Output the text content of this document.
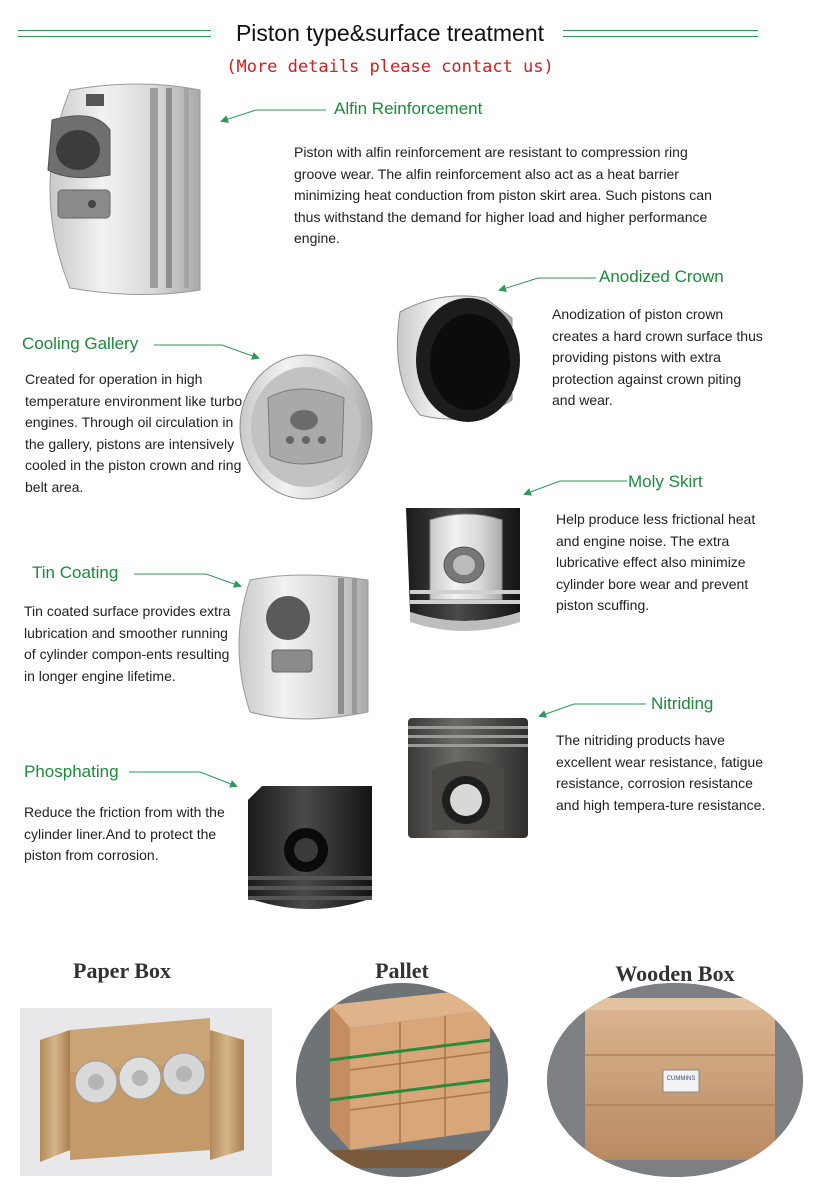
Piston type&surface treatment
(More details please contact us)
Alfin Reinforcement
Piston with alfin reinforcement are resistant to compression ring groove wear. The alfin reinforcement also act as a heat barrier minimizing heat conduction from piston skirt area. Such pistons can thus withstand the demand for higher load and higher performance engine.
Anodized Crown
Anodization of piston crown creates a hard crown surface thus providing pistons with extra protection against crown piting and wear.
Cooling Gallery
Created for operation in high temperature environment like turbo engines. Through oil circulation in the gallery, pistons are intensively cooled in the piston crown and ring belt area.	Moly Skirt
Help produce less frictional heat and engine noise. The extra lubricative effect also minimize cylinder bore wear and prevent piston scuffing.
Tin Coating
Tin coated surface provides extra lubrication and smoother running of cylinder compon-ents resulting in longer engine lifetime.
Nitriding
The nitriding products have excellent wear resistance, fatigue resistance, corrosion resistance and high tempera-ture resistance.
Phosphating
Reduce the friction from with the cylinder liner.And to protect the piston from corrosion.
Paper Box	Pallet	Wooden Box
CUMMINS
